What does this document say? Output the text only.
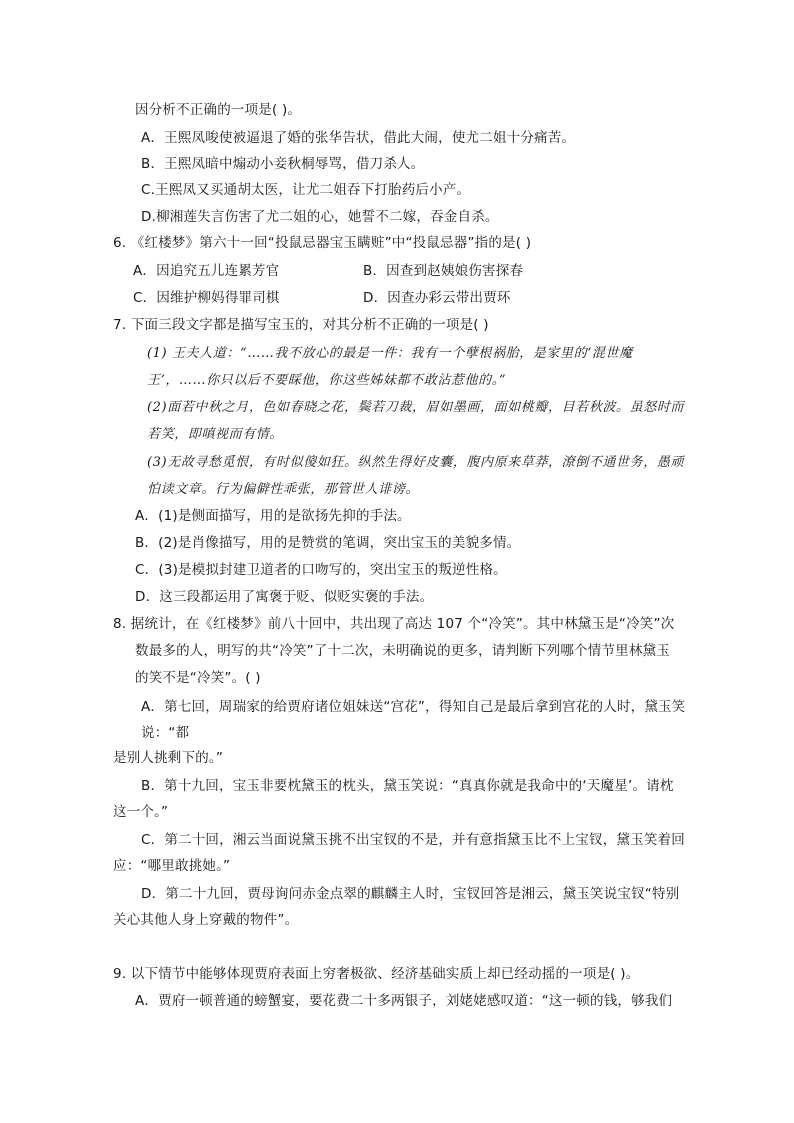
因分析不正确的一项是( )。
A．王熙凤唆使被逼退了婚的张华告状，借此大闹，使尤二姐十分痛苦。
B．王熙凤暗中煽动小妾秋桐辱骂，借刀杀人。
C.王熙凤又买通胡太医，让尤二姐吞下打胎药后小产。
D.柳湘莲失言伤害了尤二姐的心，她誓不二嫁，吞金自杀。
6. 《红楼梦》第六十一回“投鼠忌器宝玉瞒赃”中“投鼠忌器”指的是( )
A．因追究五儿连累芳官	B．因查到赵姨娘伤害探春
C．因维护柳妈得罪司棋	D．因查办彩云带出贾环
7. 下面三段文字都是描写宝玉的，对其分析不正确的一项是( )
(1) 王夫人道：“……我不放心的最是一件：我有一个孽根祸胎，是家里的‘混世魔
王’，……你只以后不要睬他，你这些姊妹都不敢沾惹他的。”
(2)面若中秋之月，色如春晓之花，鬓若刀裁，眉如墨画，面如桃瓣，目若秋波。虽怒时而
若笑，即嗔视而有情。
(3)无故寻愁觅恨，有时似傻如狂。纵然生得好皮囊，腹内原来草莽，潦倒不通世务，愚顽
怕读文章。行为偏僻性乖张，那管世人诽谤。
A．(1)是侧面描写，用的是欲扬先抑的手法。
B．(2)是肖像描写，用的是赞赏的笔调，突出宝玉的美貌多情。
C．(3)是模拟封建卫道者的口吻写的，突出宝玉的叛逆性格。
D．这三段都运用了寓褒于贬、似贬实褒的手法。
8. 据统计，在《红楼梦》前八十回中，共出现了高达 107 个“冷笑”。其中林黛玉是“冷笑”次
数最多的人，明写的共“冷笑”了十二次，未明确说的更多，请判断下列哪个情节里林黛玉
的笑不是“冷笑”。( )
A．第七回，周瑞家的给贾府诸位姐妹送“宫花”，得知自己是最后拿到宫花的人时，黛玉笑
说：“都
是别人挑剩下的。”
B．第十九回，宝玉非要枕黛玉的枕头，黛玉笑说：“真真你就是我命中的‘天魔星’。请枕
这一个。”
C．第二十回，湘云当面说黛玉挑不出宝钗的不是，并有意指黛玉比不上宝钗，黛玉笑着回
应：“哪里敢挑她。”
D．第二十九回，贾母询问赤金点翠的麒麟主人时，宝钗回答是湘云，黛玉笑说宝钗“特别
关心其他人身上穿戴的物件”。
9. 以下情节中能够体现贾府表面上穷奢极欲、经济基础实质上却已经动摇的一项是( )。
A．贾府一顿普通的螃蟹宴，要花费二十多两银子，刘姥姥感叹道：“这一顿的钱，够我们
